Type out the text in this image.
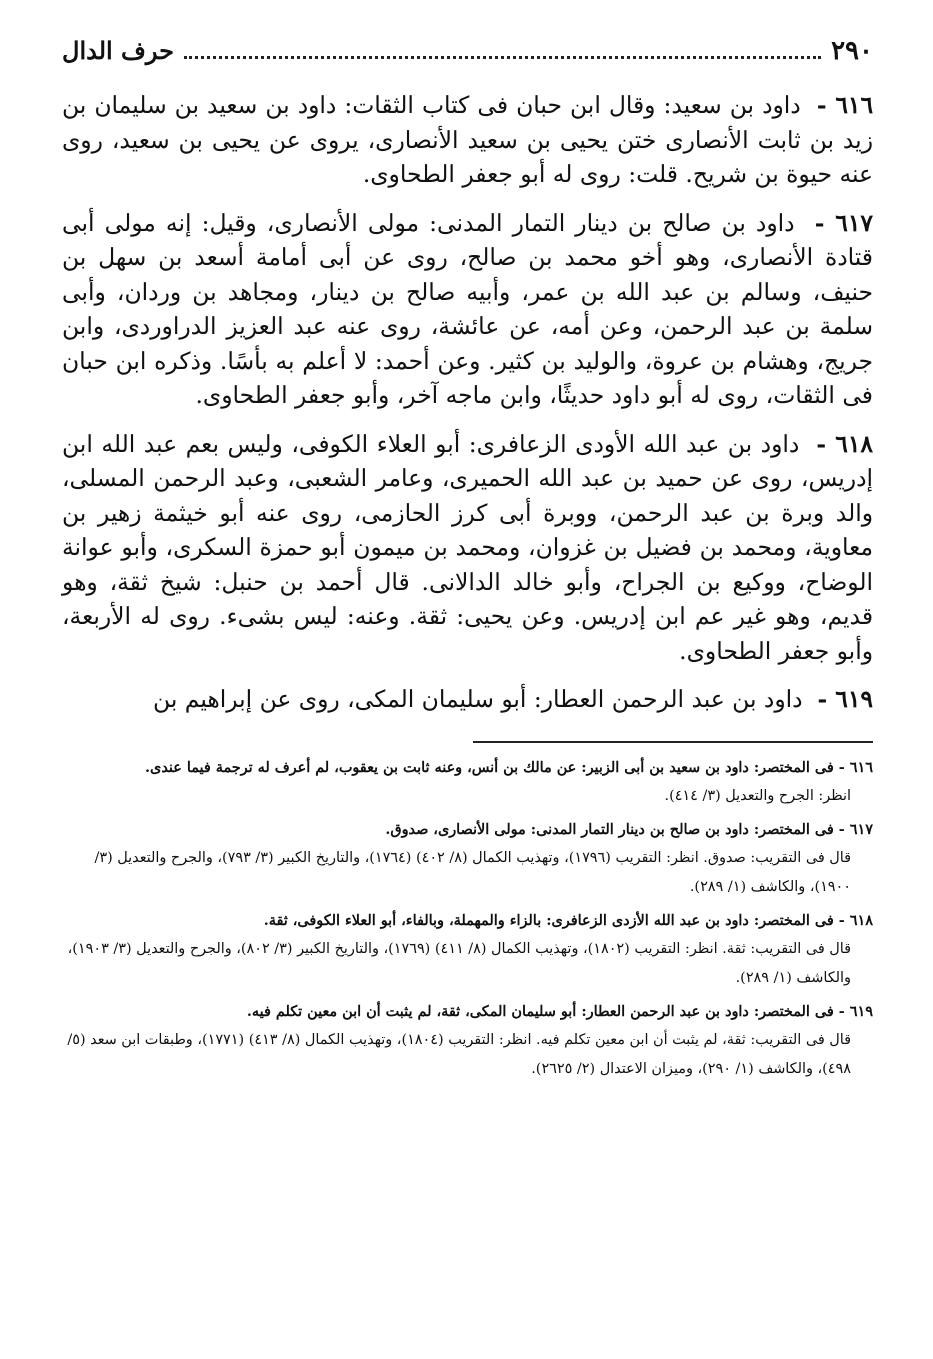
٢٩٠
حرف الدال

٦١٦ -  داود بن سعيد: وقال ابن حبان فى كتاب الثقات: داود بن سعيد بن سليمان بن زيد بن ثابت الأنصارى ختن يحيى بن سعيد الأنصارى، يروى عن يحيى بن سعيد، روى عنه حيوة بن شريح. قلت: روى له أبو جعفر الطحاوى.

٦١٧ -  داود بن صالح بن دينار التمار المدنى: مولى الأنصارى، وقيل: إنه مولى أبى قتادة الأنصارى، وهو أخو محمد بن صالح، روى عن أبى أمامة أسعد بن سهل بن حنيف، وسالم بن عبد الله بن عمر، وأبيه صالح بن دينار، ومجاهد بن وردان، وأبى سلمة بن عبد الرحمن، وعن أمه، عن عائشة، روى عنه عبد العزيز الدراوردى، وابن جريج، وهشام بن عروة، والوليد بن كثير. وعن أحمد: لا أعلم به بأسًا. وذكره ابن حبان فى الثقات، روى له أبو داود حديثًا، وابن ماجه آخر، وأبو جعفر الطحاوى.

٦١٨ -  داود بن عبد الله الأودى الزعافرى: أبو العلاء الكوفى، وليس بعم عبد الله ابن إدريس، روى عن حميد بن عبد الله الحميرى، وعامر الشعبى، وعبد الرحمن المسلى، والد وبرة بن عبد الرحمن، ووبرة أبى كرز الحازمى، روى عنه أبو خيثمة زهير بن معاوية، ومحمد بن فضيل بن غزوان، ومحمد بن ميمون أبو حمزة السكرى، وأبو عوانة الوضاح، ووكيع بن الجراح، وأبو خالد الدالانى. قال أحمد بن حنبل: شيخ ثقة، وهو قديم، وهو غير عم ابن إدريس. وعن يحيى: ثقة. وعنه: ليس بشىء. روى له الأربعة، وأبو جعفر الطحاوى.

٦١٩ -  داود بن عبد الرحمن العطار: أبو سليمان المكى، روى عن إبراهيم بن

٦١٦ - فى المختصر: داود بن سعيد بن أبى الزبير: عن مالك بن أنس، وعنه ثابت بن يعقوب، لم أعرف له ترجمة فيما عندى.
انظر: الجرح والتعديل (٣/ ٤١٤).
٦١٧ - فى المختصر: داود بن صالح بن دينار التمار المدنى: مولى الأنصارى، صدوق.
قال فى التقريب: صدوق. انظر: التقريب (١٧٩٦)، وتهذيب الكمال (٨/ ٤٠٢) (١٧٦٤)، والتاريخ الكبير (٣/ ٧٩٣)، والجرح والتعديل (٣/ ١٩٠٠)، والكاشف (١/ ٢٨٩).
٦١٨ - فى المختصر: داود بن عبد الله الأزدى الزعافرى: بالزاء والمهملة، وبالفاء، أبو العلاء الكوفى، ثقة.
قال فى التقريب: ثقة. انظر: التقريب (١٨٠٢)، وتهذيب الكمال (٨/ ٤١١) (١٧٦٩)، والتاريخ الكبير (٣/ ٨٠٢)، والجرح والتعديل (٣/ ١٩٠٣)، والكاشف (١/ ٢٨٩).
٦١٩ - فى المختصر: داود بن عبد الرحمن العطار: أبو سليمان المكى، ثقة، لم يثبت أن ابن معين تكلم فيه.
قال فى التقريب: ثقة، لم يثبت أن ابن معين تكلم فيه. انظر: التقريب (١٨٠٤)، وتهذيب الكمال (٨/ ٤١٣) (١٧٧١)، وطبقات ابن سعد (٥/ ٤٩٨)، والكاشف (١/ ٢٩٠)، وميزان الاعتدال (٢/ ٢٦٢٥).
